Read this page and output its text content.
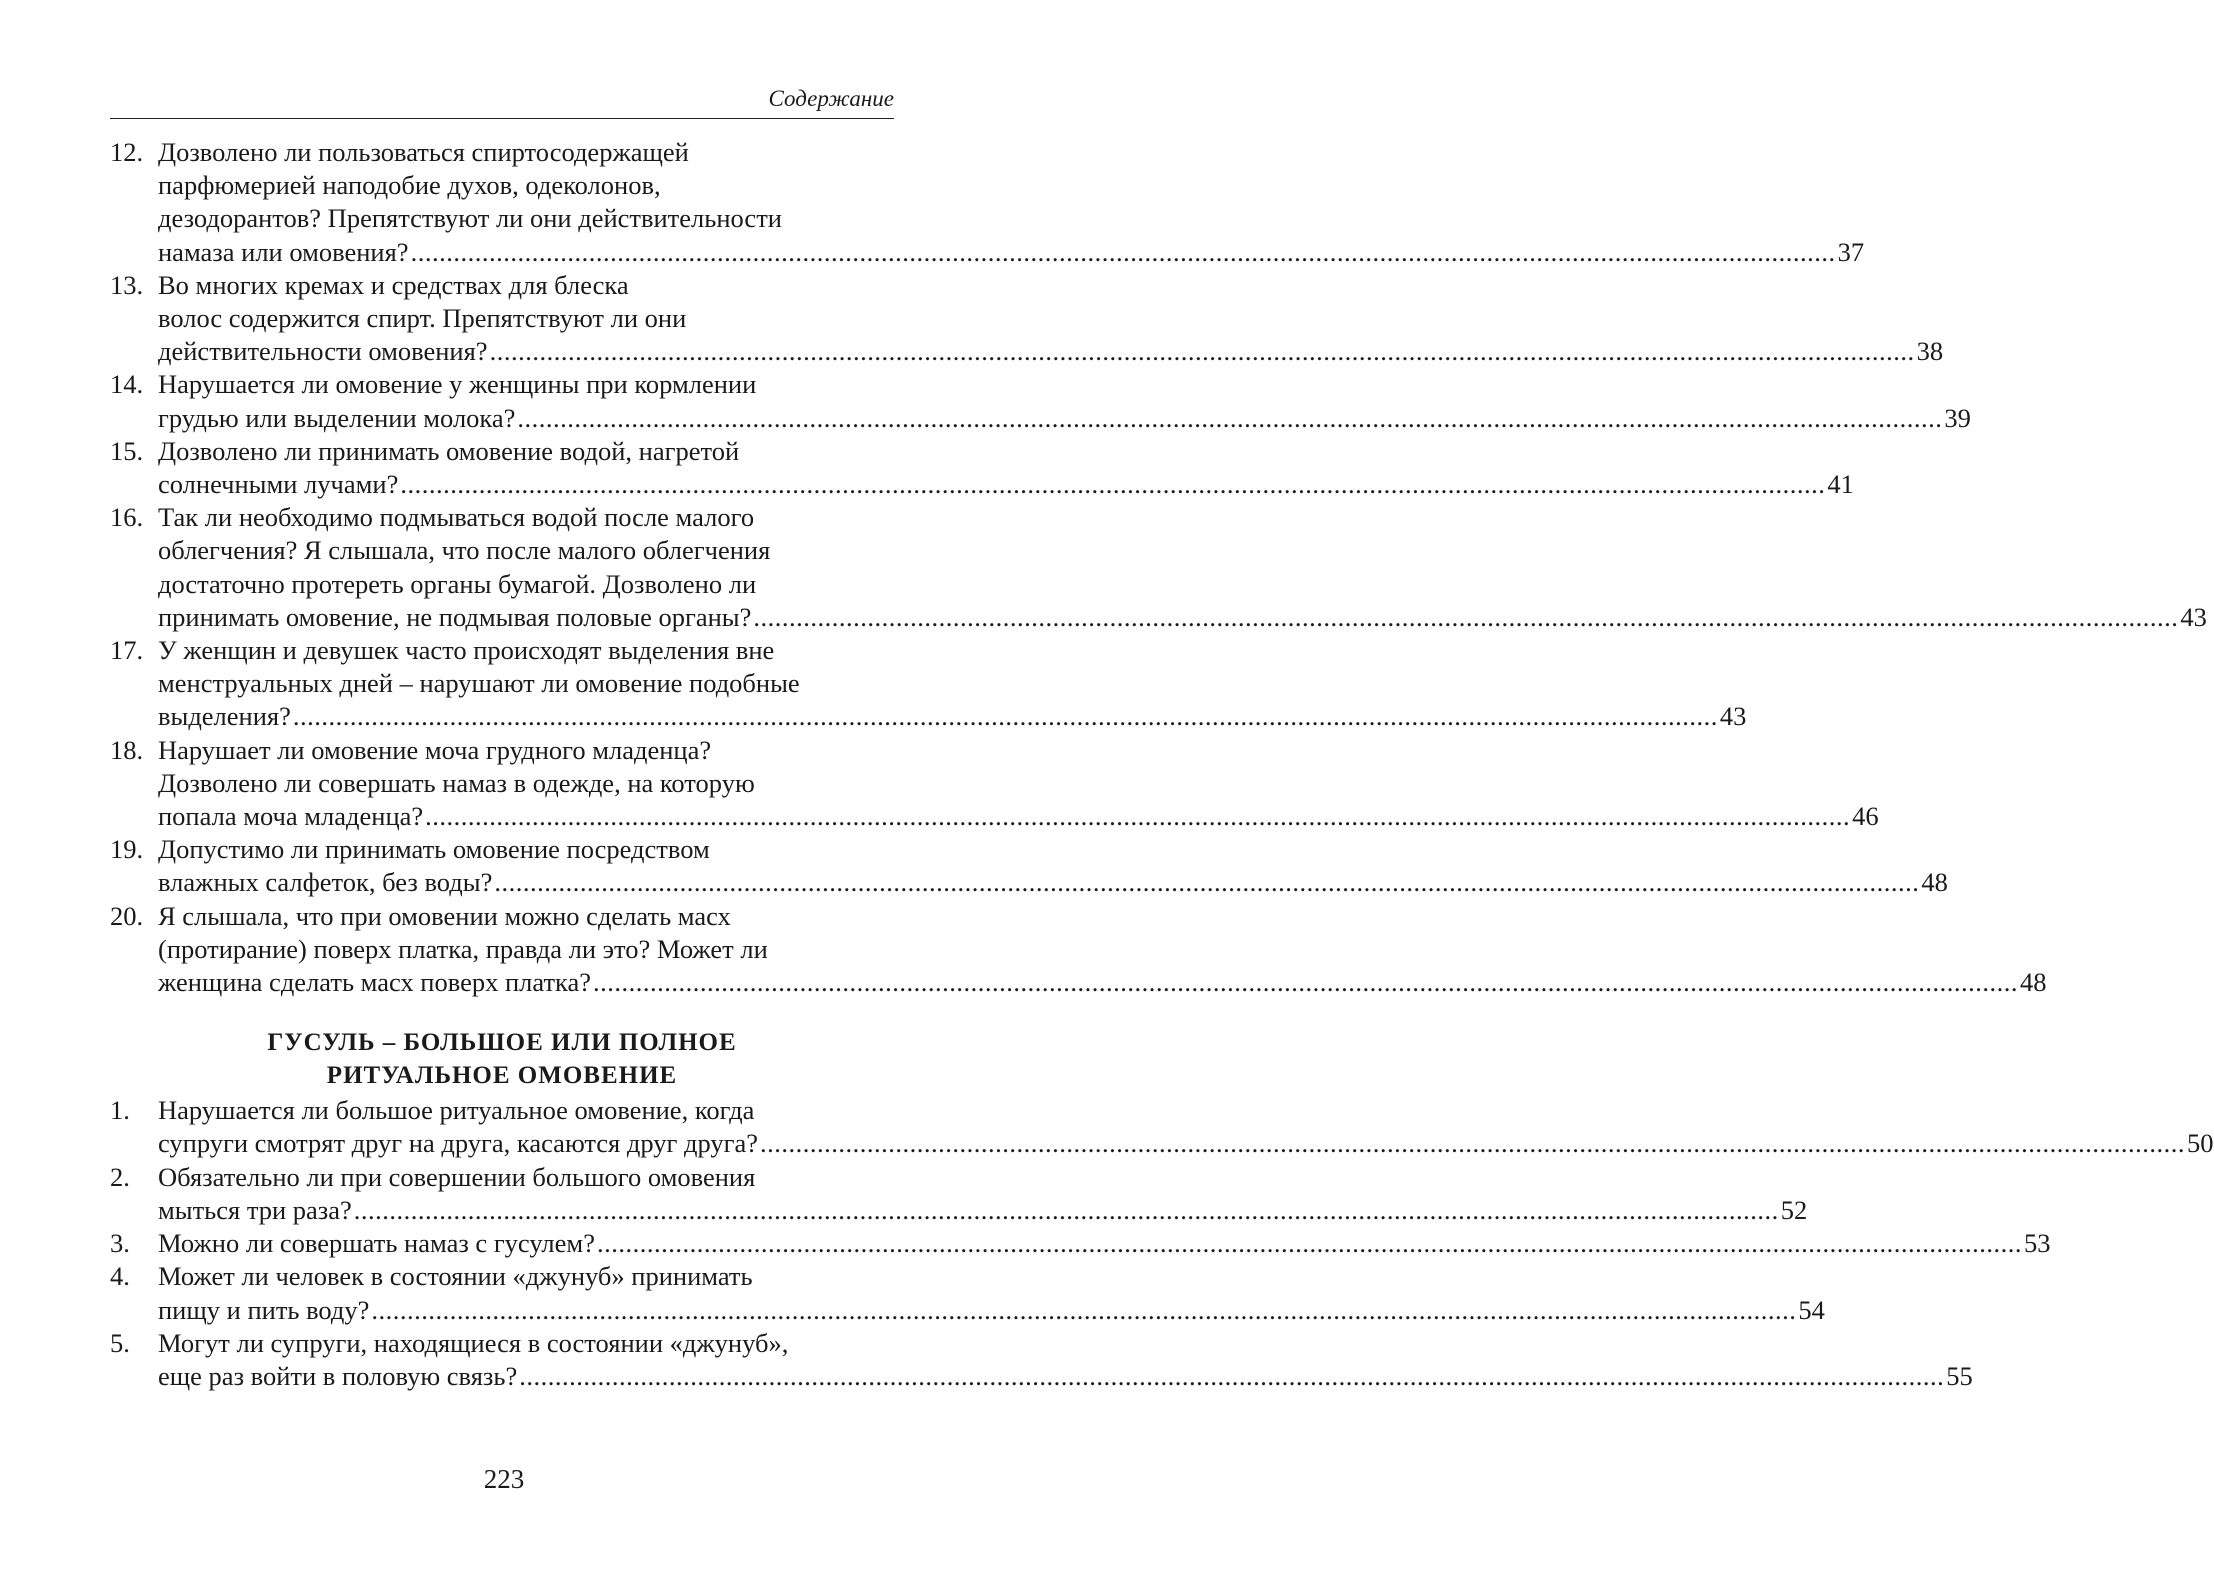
Содержание
12. Дозволено ли пользоваться спиртосодержащей
парфюмерией наподобие духов, одеколонов,
дезодорантов? Препятствуют ли они действительности
намаза или омовения? ........................................................................................................................................................................................................ 37
13. Во многих кремах и средствах для блеска
волос содержится спирт. Препятствуют ли они
действительности омовения? ........................................................................................................................................................................................................ 38
14. Нарушается ли омовение у женщины при кормлении
грудью или выделении молока? ........................................................................................................................................................................................................ 39
15. Дозволено ли принимать омовение водой, нагретой
солнечными лучами? ........................................................................................................................................................................................................ 41
16. Так ли необходимо подмываться водой после малого
облегчения? Я слышала, что после малого облегчения
достаточно протереть органы бумагой. Дозволено ли
принимать омовение, не подмывая половые органы? ........................................................................................................................................................................................................ 43
17. У женщин и девушек часто происходят выделения вне
менструальных дней – нарушают ли омовение подобные
выделения? ........................................................................................................................................................................................................ 43
18. Нарушает ли омовение моча грудного младенца?
Дозволено ли совершать намаз в одежде, на которую
попала моча младенца? ........................................................................................................................................................................................................ 46
19. Допустимо ли принимать омовение посредством
влажных салфеток, без воды? ........................................................................................................................................................................................................ 48
20. Я слышала, что при омовении можно сделать масх
(протирание) поверх платка, правда ли это? Может ли
женщина сделать масх поверх платка? ........................................................................................................................................................................................................ 48
ГУСУЛЬ – БОЛЬШОЕ ИЛИ ПОЛНОЕ
РИТУАЛЬНОЕ ОМОВЕНИЕ
1. Нарушается ли большое ритуальное омовение, когда
супруги смотрят друг на друга, касаются друг друга? ........................................................................................................................................................................................................ 50
2. Обязательно ли при совершении большого омовения
мыться три раза? ........................................................................................................................................................................................................ 52
3. Можно ли совершать намаз с гусулем? ........................................................................................................................................................................................................ 53
4. Может ли человек в состоянии «джунуб» принимать
пищу и пить воду? ........................................................................................................................................................................................................ 54
5. Могут ли супруги, находящиеся в состоянии «джунуб»,
еще раз войти в половую связь? ........................................................................................................................................................................................................ 55
223
